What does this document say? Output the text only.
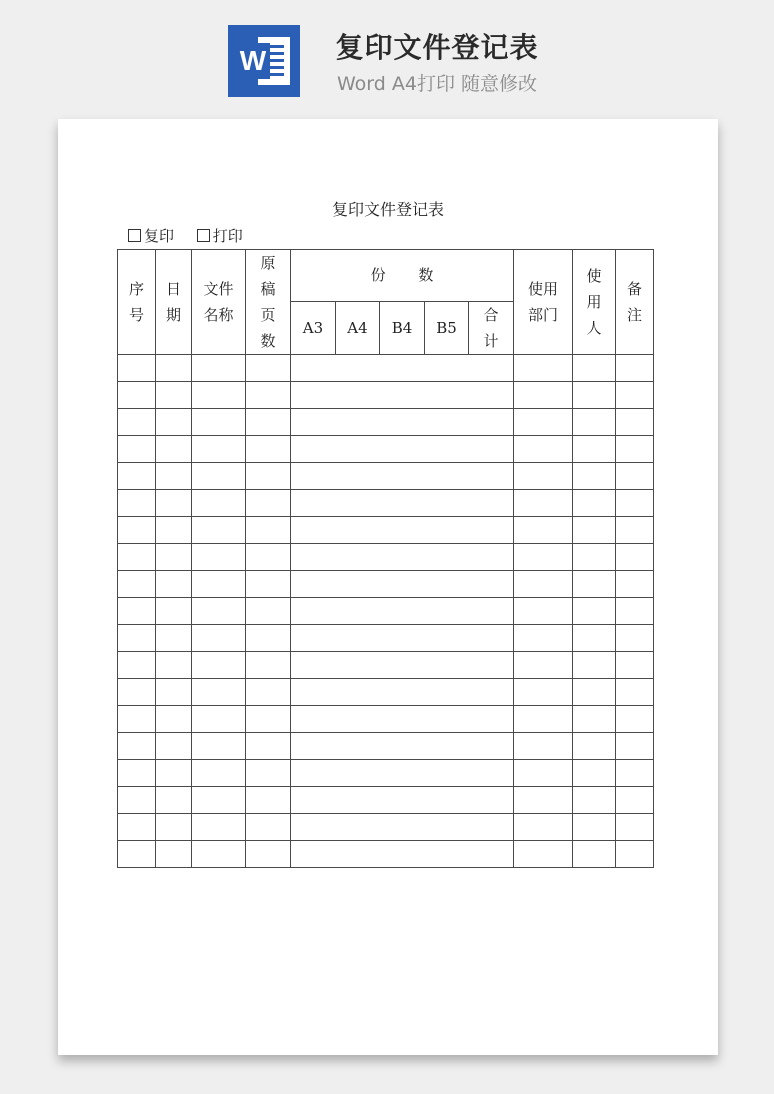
W	复印文件登记表
Word A4打印 随意修改
复印文件登记表
复印	打印
序号	日期	文件名称	原稿页数	份 数					使用部门	使用人	备注
				A3	A4	B4	B5	合计			
